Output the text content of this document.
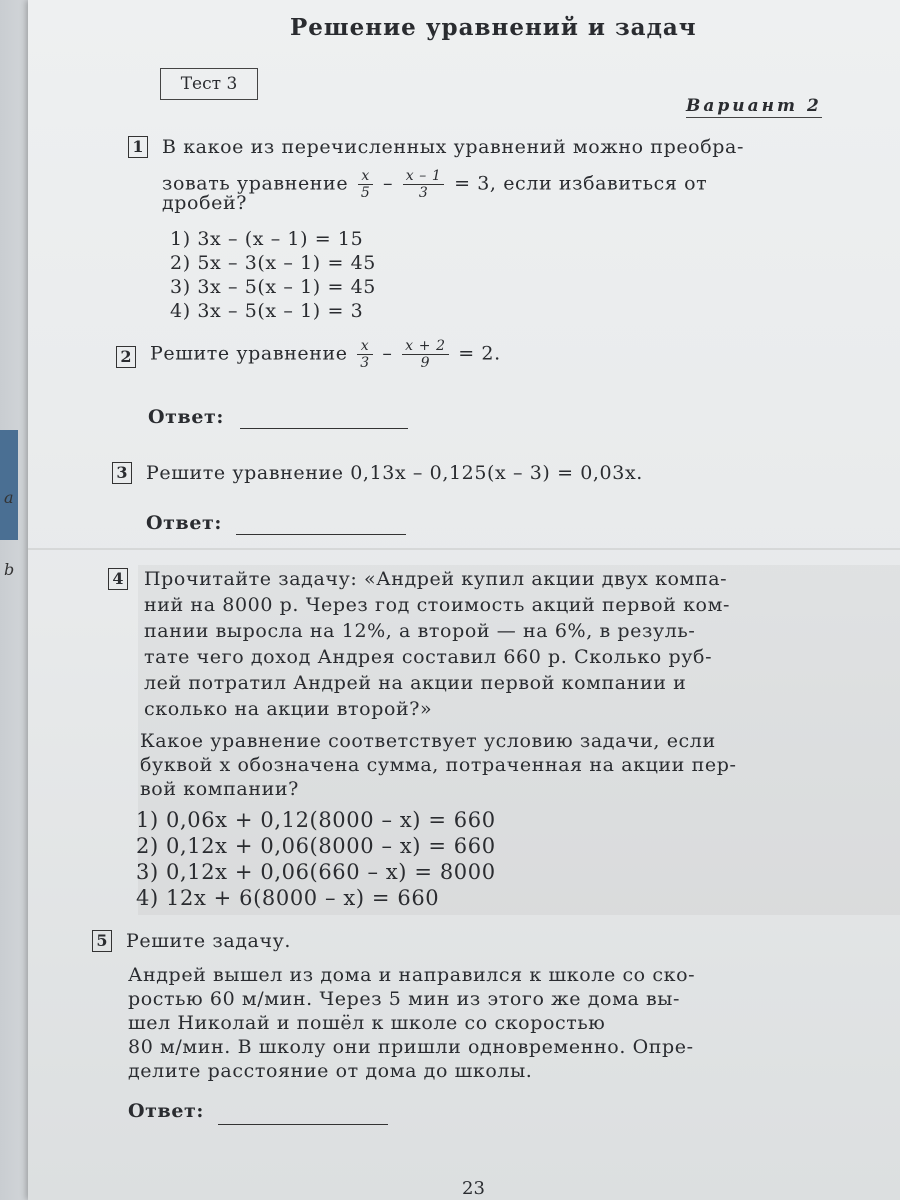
a
b
Решение уравнений и задач
Тест 3
Вариант 2
1 В какое из перечисленных уравнений можно преобра-
зовать уравнение $\frac{x}{5} - \frac{x - 1}{3} = 3$, если избавиться от
дробей?
1) 3x – (x – 1) = 15
2) 5x – 3(x – 1) = 45
3) 3x – 5(x – 1) = 45
4) 3x – 5(x – 1) = 3
2 Решите уравнение $\frac{x}{3} - \frac{x + 2}{9} = 2$.
Ответ:
3 Решите уравнение 0,13x – 0,125(x – 3) = 0,03x.
Ответ:
4 Прочитайте задачу: «Андрей купил акции двух компа-
ний на 8000 р. Через год стоимость акций первой ком-
пании выросла на 12%, а второй — на 6%, в резуль-
тате чего доход Андрея составил 660 р. Сколько руб-
лей потратил Андрей на акции первой компании и
сколько на акции второй?»
Какое уравнение соответствует условию задачи, если
буквой x обозначена сумма, потраченная на акции пер-
вой компании?
1) 0,06x + 0,12(8000 – x) = 660
2) 0,12x + 0,06(8000 – x) = 660
3) 0,12x + 0,06(660 – x) = 8000
4) 12x + 6(8000 – x) = 660
5 Решите задачу.
Андрей вышел из дома и направился к школе со ско-
ростью 60 м/мин. Через 5 мин из этого же дома вы-
шел Николай и пошёл к школе со скоростью
80 м/мин. В школу они пришли одновременно. Опре-
делите расстояние от дома до школы.
Ответ:
23
